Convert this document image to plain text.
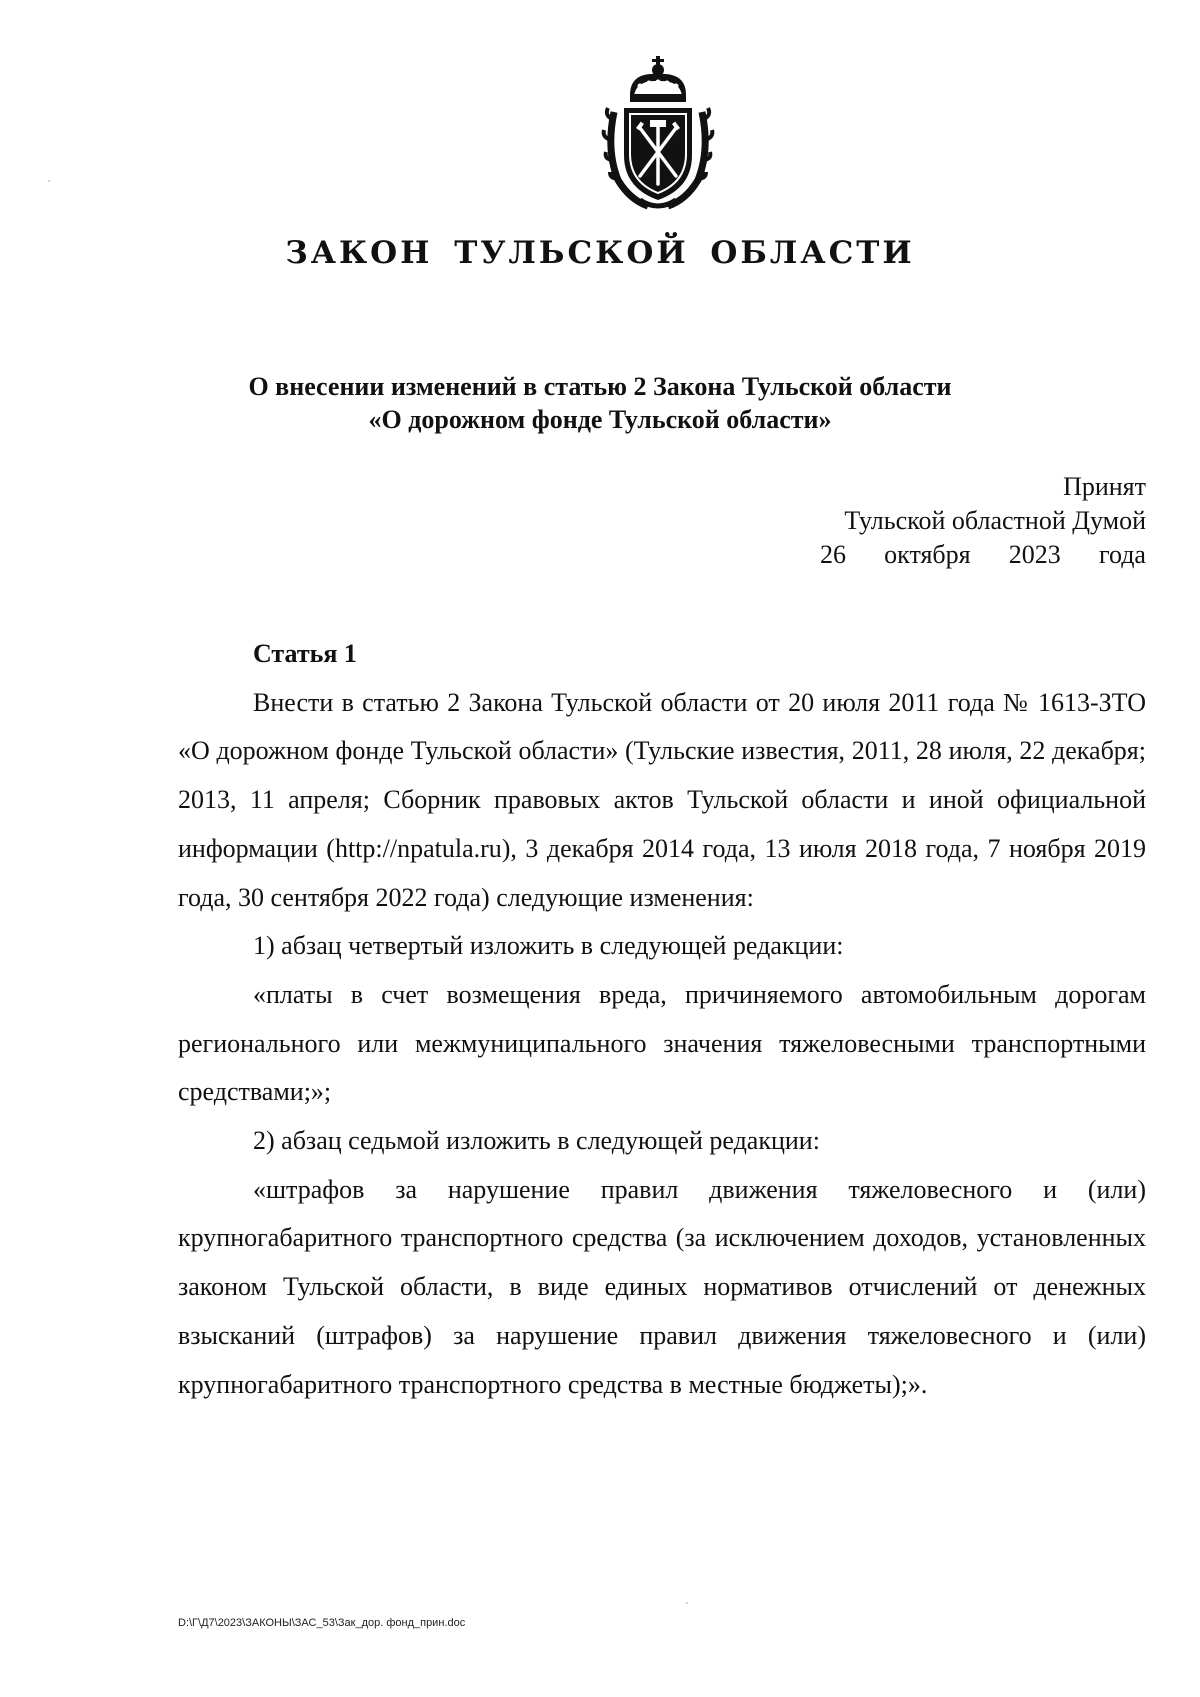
ЗАКОН ТУЛЬСКОЙ ОБЛАСТИ
О внесении изменений в статью 2 Закона Тульской области
«О дорожном фонде Тульской области»
Принят
Тульской областной Думой
26 октября 2023 года

Статья 1

Внести в статью 2 Закона Тульской области от 20 июля 2011 года № 1613-ЗТО «О дорожном фонде Тульской области» (Тульские известия, 2011, 28 июля, 22 декабря; 2013, 11 апреля; Сборник правовых актов Тульской области и иной официальной информации (http://npatula.ru), 3 декабря 2014 года, 13 июля 2018 года, 7 ноября 2019 года, 30 сентября 2022 года) следующие изменения:

1) абзац четвертый изложить в следующей редакции:

«платы в счет возмещения вреда, причиняемого автомобильным дорогам регионального или межмуниципального значения тяжеловесными транспортными средствами;»;

2) абзац седьмой изложить в следующей редакции:

«штрафов за нарушение правил движения тяжеловесного и (или) крупногабаритного транспортного средства (за исключением доходов, установленных законом Тульской области, в виде единых нормативов отчислений от денежных взысканий (штрафов) за нарушение правил движения тяжеловесного и (или) крупногабаритного транспортного средства в местные бюджеты);».

D:\Г\Д7\2023\ЗАКОНЫ\ЗАС_53\Зак_дор. фонд_прин.doc
